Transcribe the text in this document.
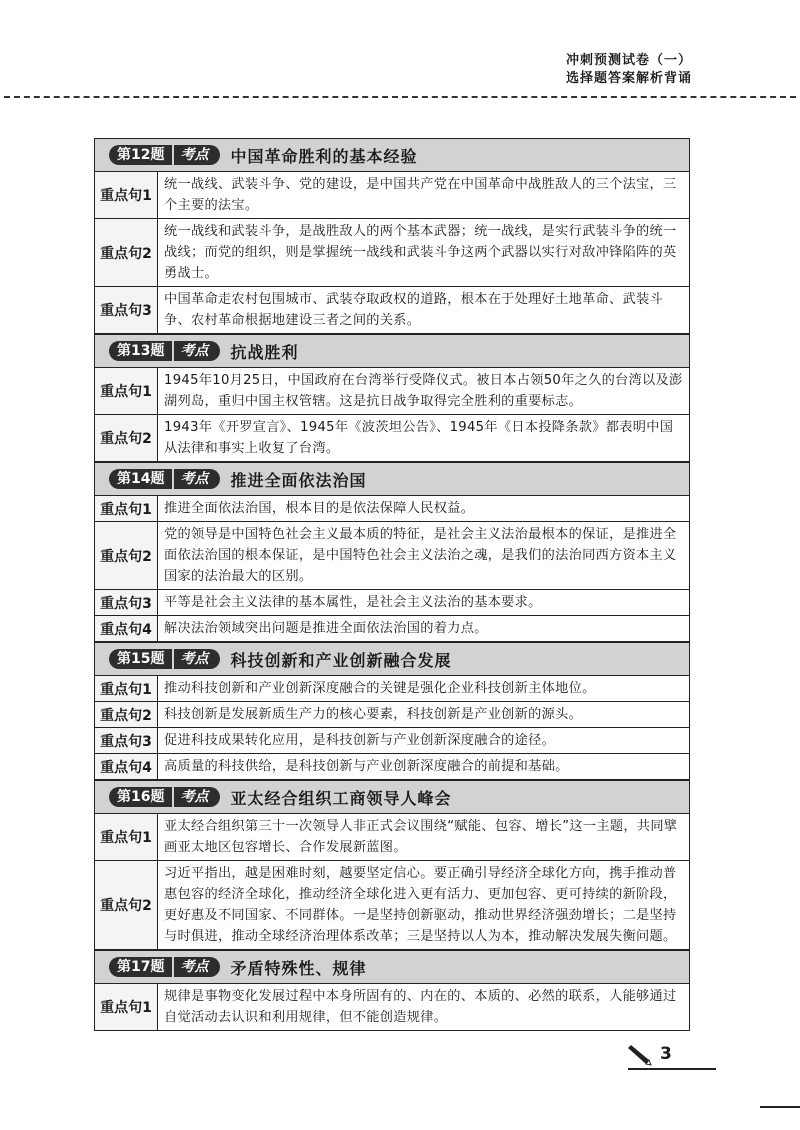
冲刺预测试卷（一）
选择题答案解析背诵
第12题	考点	中国革命胜利的基本经验
重点句1
统一战线、武装斗争、党的建设，是中国共产党在中国革命中战胜敌人的三个法宝，三个主要的法宝。
重点句2
统一战线和武装斗争，是战胜敌人的两个基本武器；统一战线，是实行武装斗争的统一战线；而党的组织，则是掌握统一战线和武装斗争这两个武器以实行对敌冲锋陷阵的英勇战士。
重点句3
中国革命走农村包围城市、武装夺取政权的道路，根本在于处理好土地革命、武装斗争、农村革命根据地建设三者之间的关系。
第13题	考点	抗战胜利
重点句1
1945年10月25日，中国政府在台湾举行受降仪式。被日本占领50年之久的台湾以及澎湖列岛，重归中国主权管辖。这是抗日战争取得完全胜利的重要标志。
重点句2
1943年《开罗宣言》、1945年《波茨坦公告》、1945年《日本投降条款》都表明中国从法律和事实上收复了台湾。
第14题	考点	推进全面依法治国
重点句1 推进全面依法治国，根本目的是依法保障人民权益。
重点句2
党的领导是中国特色社会主义最本质的特征，是社会主义法治最根本的保证，是推进全面依法治国的根本保证，是中国特色社会主义法治之魂，是我们的法治同西方资本主义国家的法治最大的区别。
重点句3 平等是社会主义法律的基本属性，是社会主义法治的基本要求。
重点句4 解决法治领域突出问题是推进全面依法治国的着力点。
第15题	考点	科技创新和产业创新融合发展
重点句1 推动科技创新和产业创新深度融合的关键是强化企业科技创新主体地位。
重点句2 科技创新是发展新质生产力的核心要素，科技创新是产业创新的源头。
重点句3 促进科技成果转化应用，是科技创新与产业创新深度融合的途径。
重点句4 高质量的科技供给，是科技创新与产业创新深度融合的前提和基础。
第16题	考点	亚太经合组织工商领导人峰会
重点句1
亚太经合组织第三十一次领导人非正式会议围绕“赋能、包容、增长”这一主题，共同擘画亚太地区包容增长、合作发展新蓝图。
重点句2
习近平指出，越是困难时刻，越要坚定信心。要正确引导经济全球化方向，携手推动普惠包容的经济全球化，推动经济全球化进入更有活力、更加包容、更可持续的新阶段，更好惠及不同国家、不同群体。一是坚持创新驱动，推动世界经济强劲增长；二是坚持与时俱进，推动全球经济治理体系改革；三是坚持以人为本，推动解决发展失衡问题。
第17题	考点	矛盾特殊性、规律
重点句1
规律是事物变化发展过程中本身所固有的、内在的、本质的、必然的联系，人能够通过自觉活动去认识和利用规律，但不能创造规律。
3
